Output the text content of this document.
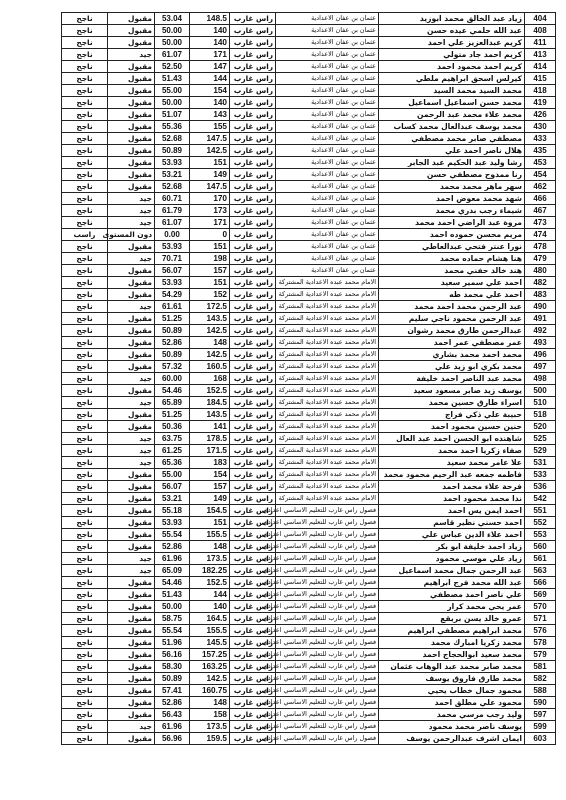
ناجح	مقبول	53.04	148.5	راس غارب	عثمان بن عفان الاعدادية	زياد عبد الخالق محمد ابوزيد	404
ناجح	مقبول	50.00	140	راس غارب	عثمان بن عفان الاعدادية	عبد الله حلمي عيده حسن	408
ناجح	مقبول	50.00	140	راس غارب	عثمان بن عفان الاعدادية	كريم عبدالعزيز علي احمد	411
ناجح	جيد	61.07	171	راس غارب	عثمان بن عفان الاعدادية	كريم احمد جاد متولي	413
ناجح	مقبول	52.50	147	راس غارب	عثمان بن عفان الاعدادية	كريم احمد محمود احمد	414
ناجح	مقبول	51.43	144	راس غارب	عثمان بن عفان الاعدادية	كيرلس اسحق ابراهيم ملطي	415
ناجح	مقبول	55.00	154	راس غارب	عثمان بن عفان الاعدادية	محمد السيد محمد السيد	418
ناجح	مقبول	50.00	140	راس غارب	عثمان بن عفان الاعدادية	محمد حسن اسماعيل اسماعيل	419
ناجح	مقبول	51.07	143	راس غارب	عثمان بن عفان الاعدادية	محمد علاء محمد عبد الرحمن	426
ناجح	مقبول	55.36	155	راس غارب	عثمان بن عفان الاعدادية	محمد يوسف عبدالعال محمد كساب	430
ناجح	مقبول	52.68	147.5	راس غارب	عثمان بن عفان الاعدادية	مصطفي صابر محمد مصطفي	433
ناجح	مقبول	50.89	142.5	راس غارب	عثمان بن عفان الاعدادية	هلال ناصر احمد علي	435
ناجح	مقبول	53.93	151	راس غارب	عثمان بن عفان الاعدادية	رشا وليد عبد الحكيم عبد الجابر	453
ناجح	مقبول	53.21	149	راس غارب	عثمان بن عفان الاعدادية	رنا ممدوح مصطفي حسن	454
ناجح	مقبول	52.68	147.5	راس غارب	عثمان بن عفان الاعدادية	سهر ماهر محمد محمد	462
ناجح	جيد	60.71	170	راس غارب	عثمان بن عفان الاعدادية	شهد محمد معوض احمد	466
ناجح	جيد	61.79	173	راس غارب	عثمان بن عفان الاعدادية	شيماء رجب بدري محمد	467
ناجح	جيد	61.07	171	راس غارب	عثمان بن عفان الاعدادية	مروة عبد الراضي احمد محمد	473
راسب	دون المستوى	0.00	0	راس غارب	عثمان بن عفان الاعدادية	مريم محسن حموده احمد	474
ناجح	مقبول	53.93	151	راس غارب	عثمان بن عفان الاعدادية	نورا عنتر فتحي عبدالعاطي	478
ناجح	جيد	70.71	198	راس غارب	عثمان بن عفان الاعدادية	هنا هشام حماده محمد	479
ناجح	مقبول	56.07	157	راس غارب	عثمان بن عفان الاعدادية	هند خالد حفني محمد	480
ناجح	مقبول	53.93	151	راس غارب	الامام محمد عبده الاعدادية المشتركة	احمد علي سمير سعيد	482
ناجح	مقبول	54.29	152	راس غارب	الامام محمد عبده الاعدادية المشتركة	احمد علي محمد طه	483
ناجح	جيد	61.61	172.5	راس غارب	الامام محمد عبده الاعدادية المشتركة	عبد الرحمن محمد احمد محمد	490
ناجح	مقبول	51.25	143.5	راس غارب	الامام محمد عبده الاعدادية المشتركة	عبد الرحمن محمود ناجي سليم	491
ناجح	مقبول	50.89	142.5	راس غارب	الامام محمد عبده الاعدادية المشتركة	عبدالرحمن طارق محمد رشوان	492
ناجح	مقبول	52.86	148	راس غارب	الامام محمد عبده الاعدادية المشتركة	عمر مصطفي عمر احمد	493
ناجح	مقبول	50.89	142.5	راس غارب	الامام محمد عبده الاعدادية المشتركة	محمد احمد محمد بشاري	496
ناجح	مقبول	57.32	160.5	راس غارب	الامام محمد عبده الاعدادية المشتركة	محمد بكري ابو زيد علي	497
ناجح	جيد	60.00	168	راس غارب	الامام محمد عبده الاعدادية المشتركة	محمد عبد الناصر احمد خليفة	498
ناجح	مقبول	54.46	152.5	راس غارب	الامام محمد عبده الاعدادية المشتركة	يوسف زيد صابر مسعود سعيد	500
ناجح	جيد	65.89	184.5	راس غارب	الامام محمد عبده الاعدادية المشتركة	اسراء طارق حسين محمد	510
ناجح	مقبول	51.25	143.5	راس غارب	الامام محمد عبده الاعدادية المشتركة	حبيبة علي ذكي فراج	518
ناجح	مقبول	50.36	141	راس غارب	الامام محمد عبده الاعدادية المشتركة	حنين حسين محمود احمد	520
ناجح	جيد	63.75	178.5	راس غارب	الامام محمد عبده الاعدادية المشتركة	شاهنده ابو الحسن احمد عبد العال	525
ناجح	جيد	61.25	171.5	راس غارب	الامام محمد عبده الاعدادية المشتركة	صفاء زكريا احمد محمد	529
ناجح	جيد	65.36	183	راس غارب	الامام محمد عبده الاعدادية المشتركة	علا عامر محمد سعيد	531
ناجح	مقبول	55.00	154	راس غارب	الامام محمد عبده الاعدادية المشتركة	فاطمه جمعه عبد الرحيم محمود محمد	533
ناجح	مقبول	56.07	157	راس غارب	الامام محمد عبده الاعدادية المشتركة	فرحة علاء محمد احمد	536
ناجح	مقبول	53.21	149	راس غارب	الامام محمد عبده الاعدادية المشتركة	ندا محمد محمود احمد	542
ناجح	مقبول	55.18	154.5	راس غارب	فصول راس غارب للتعليم الاساسي اعدادي	احمد ايمن يس احمد	551
ناجح	مقبول	53.93	151	راس غارب	فصول راس غارب للتعليم الاساسي اعدادي	احمد حسني نظير قاسم	552
ناجح	مقبول	55.54	155.5	راس غارب	فصول راس غارب للتعليم الاساسي اعدادي	احمد علاء الدين عباس علي	553
ناجح	مقبول	52.86	148	راس غارب	فصول راس غارب للتعليم الاساسي اعدادي	زياد احمد خليفة ابو بكر	560
ناجح	جيد	61.96	173.5	راس غارب	فصول راس غارب للتعليم الاساسي اعدادي	زياد علي موسي محمود	561
ناجح	جيد	65.09	182.25	راس غارب	فصول راس غارب للتعليم الاساسي اعدادي	عبد الرحمن جمال محمد اسماعيل	563
ناجح	مقبول	54.46	152.5	راس غارب	فصول راس غارب للتعليم الاساسي اعدادي	عبد الله محمد فرج ابراهيم	566
ناجح	مقبول	51.43	144	راس غارب	فصول راس غارب للتعليم الاساسي اعدادي	علي ناصر احمد مصطفي	569
ناجح	مقبول	50.00	140	راس غارب	فصول راس غارب للتعليم الاساسي اعدادي	عمر يحي محمد كرار	570
ناجح	مقبول	58.75	164.5	راس غارب	فصول راس غارب للتعليم الاساسي اعدادي	عمرو خالد يسن بريقع	571
ناجح	مقبول	55.54	155.5	راس غارب	فصول راس غارب للتعليم الاساسي اعدادي	محمد ابراهيم مصطفي ابراهيم	576
ناجح	مقبول	51.96	145.5	راس غارب	فصول راس غارب للتعليم الاساسي اعدادي	محمد زكريا امبارك محمد	578
ناجح	مقبول	56.16	157.25	راس غارب	فصول راس غارب للتعليم الاساسي اعدادي	محمد سعيد ابوالحجاج احمد	579
ناجح	مقبول	58.30	163.25	راس غارب	فصول راس غارب للتعليم الاساسي اعدادي	محمد صابر محمد عبد الوهاب عثمان	581
ناجح	مقبول	50.89	142.5	راس غارب	فصول راس غارب للتعليم الاساسي اعدادي	محمد طارق فاروق يوسف	582
ناجح	مقبول	57.41	160.75	راس غارب	فصول راس غارب للتعليم الاساسي اعدادي	محمود جمال خطاب يحيي	588
ناجح	مقبول	52.86	148	راس غارب	فصول راس غارب للتعليم الاساسي اعدادي	محمود علي مطلق احمد	590
ناجح	مقبول	56.43	158	راس غارب	فصول راس غارب للتعليم الاساسي اعدادي	وليد رجب مرسي محمد	597
ناجح	جيد	61.96	173.5	راس غارب	فصول راس غارب للتعليم الاساسي اعدادي	يوسف ناصر محمد محمود	599
ناجح	مقبول	56.96	159.5	راس غارب	فصول راس غارب للتعليم الاساسي اعدادي	ايمان اشرف عبدالرحمن يوسف	603
